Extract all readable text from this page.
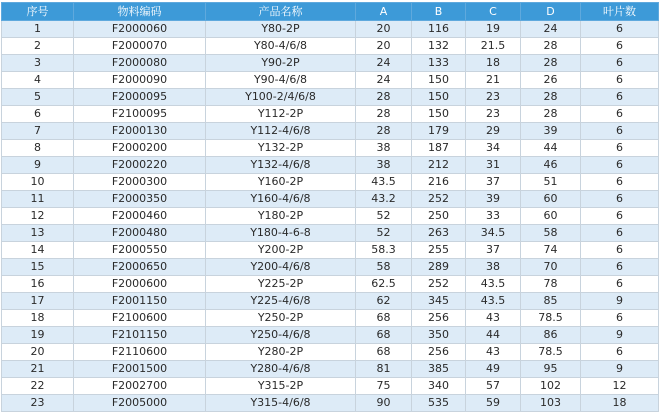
序号	物料编码	产品名称	A	B	C	D	叶片数
1	F2000060	Y80-2P	20	116	19	24	6
2	F2000070	Y80-4/6/8	20	132	21.5	28	6
3	F2000080	Y90-2P	24	133	18	28	6
4	F2000090	Y90-4/6/8	24	150	21	26	6
5	F2000095	Y100-2/4/6/8	28	150	23	28	6
6	F2100095	Y112-2P	28	150	23	28	6
7	F2000130	Y112-4/6/8	28	179	29	39	6
8	F2000200	Y132-2P	38	187	34	44	6
9	F2000220	Y132-4/6/8	38	212	31	46	6
10	F2000300	Y160-2P	43.5	216	37	51	6
11	F2000350	Y160-4/6/8	43.2	252	39	60	6
12	F2000460	Y180-2P	52	250	33	60	6
13	F2000480	Y180-4-6-8	52	263	34.5	58	6
14	F2000550	Y200-2P	58.3	255	37	74	6
15	F2000650	Y200-4/6/8	58	289	38	70	6
16	F2000600	Y225-2P	62.5	252	43.5	78	6
17	F2001150	Y225-4/6/8	62	345	43.5	85	9
18	F2100600	Y250-2P	68	256	43	78.5	6
19	F2101150	Y250-4/6/8	68	350	44	86	9
20	F2110600	Y280-2P	68	256	43	78.5	6
21	F2001500	Y280-4/6/8	81	385	49	95	9
22	F2002700	Y315-2P	75	340	57	102	12
23	F2005000	Y315-4/6/8	90	535	59	103	18
